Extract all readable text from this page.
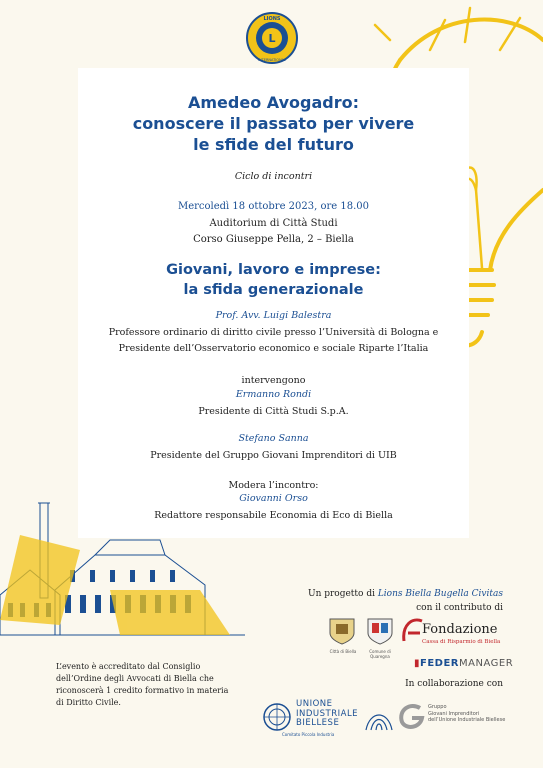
L
LIONS
INTERNATIONAL
Amedeo Avogadro:
conoscere il passato per vivere
le sfide del futuro
Ciclo di incontri
Mercoledì 18 ottobre 2023, ore 18.00
Auditorium di Città Studi
Corso Giuseppe Pella, 2 – Biella
Giovani, lavoro e imprese:
la sfida generazionale
Prof. Avv. Luigi Balestra
Professore ordinario di diritto civile presso l’Università di Bologna e
Presidente dell’Osservatorio economico e sociale Riparte l’Italia
intervengono
Ermanno Rondi
Presidente di Città Studi S.p.A.
Stefano Sanna
Presidente del Gruppo Giovani Imprenditori di UIB
Modera l’incontro:
Giovanni Orso
Redattore responsabile Economia di Eco di Biella
Un progetto di Lions Biella Bugella Civitas
con il contributo di
Città di Biella	Comune di Quaregna
Fondazione
Cassa di Risparmio di Biella
▮FEDERMANAGER
In collaborazione con
UNIONE
INDUSTRIALE
BIELLESE
Comitato Piccola Industria
Gruppo
Giovani Imprenditori
dell’Unione Industriale Biellese
L’evento è accreditato dal Consiglio
dell’Ordine degli Avvocati di Biella che
riconoscerà 1 credito formativo in materia
di Diritto Civile.
